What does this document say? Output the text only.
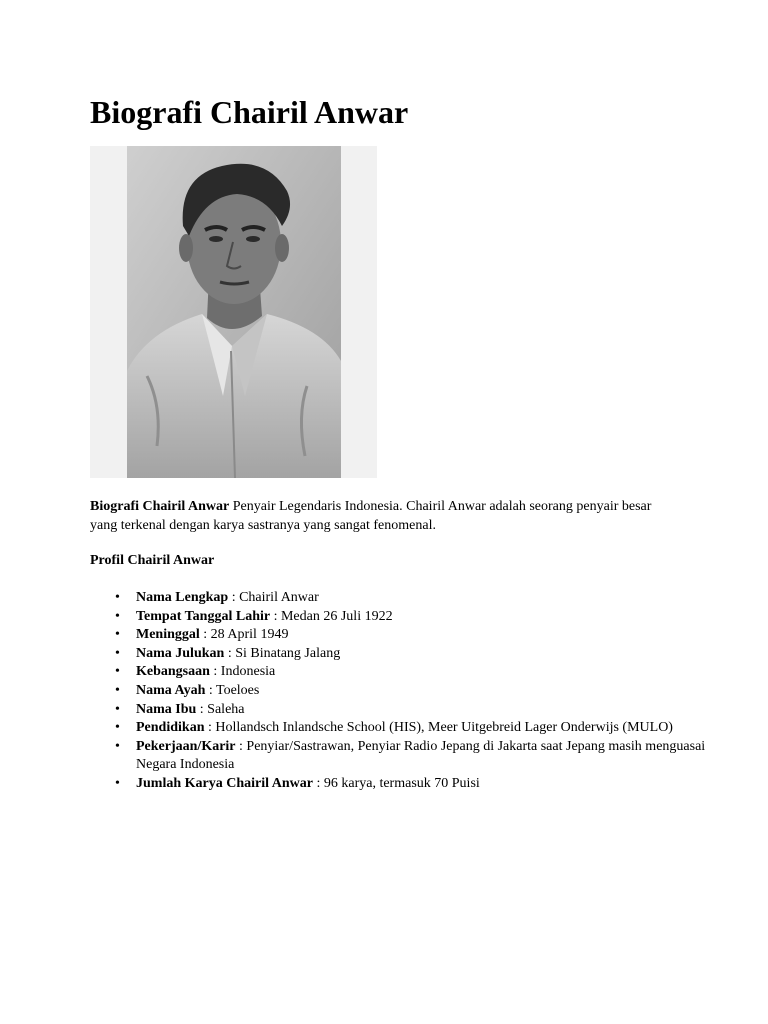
Biografi Chairil Anwar

Biografi Chairil Anwar Penyair Legendaris Indonesia. Chairil Anwar adalah seorang penyair besar yang terkenal dengan karya sastranya yang sangat fenomenal.

Profil Chairil Anwar

• Nama Lengkap : Chairil Anwar
• Tempat Tanggal Lahir : Medan 26 Juli 1922
• Meninggal : 28 April 1949
• Nama Julukan : Si Binatang Jalang
• Kebangsaan : Indonesia
• Nama Ayah : Toeloes
• Nama Ibu : Saleha
• Pendidikan : Hollandsch Inlandsche School (HIS), Meer Uitgebreid Lager Onderwijs (MULO)
• Pekerjaan/Karir : Penyiar/Sastrawan, Penyiar Radio Jepang di Jakarta saat Jepang masih menguasai Negara Indonesia
• Jumlah Karya Chairil Anwar : 96 karya, termasuk 70 Puisi
